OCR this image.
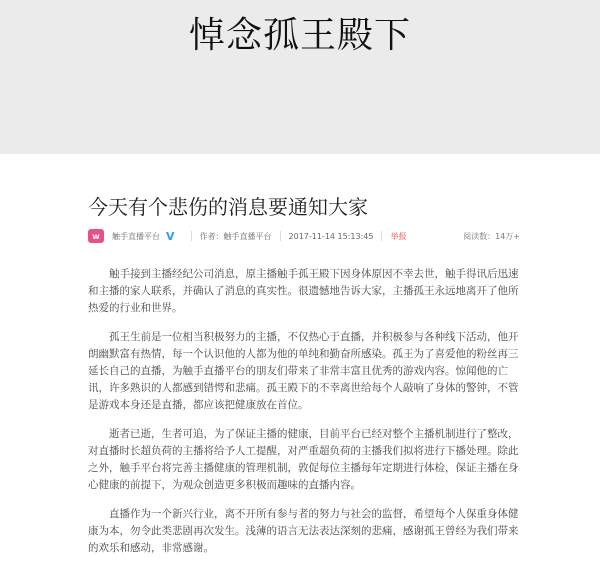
悼念孤王殿下
今天有个悲伤的消息要通知大家
w	触手直播平台 V	作者： 触手直播平台 2017-11-14 15:13:45 举报	阅读数：14万+

触手接到主播经纪公司消息，原主播触手孤王殿下因身体原因不幸去世，触手得讯后迅速和主播的家人联系，并确认了消息的真实性。很遗憾地告诉大家，主播孤王永远地离开了他所热爱的行业和世界。

孤王生前是一位相当积极努力的主播，不仅热心于直播，并积极参与各种线下活动，他开朗幽默富有热情，每一个认识他的人都为他的单纯和勤奋所感染。孤王为了喜爱他的粉丝再三延长自己的直播，为触手直播平台的朋友们带来了非常丰富且优秀的游戏内容。惊闻他的亡讯，许多熟识的人都感到错愕和悲痛。孤王殿下的不幸离世给每个人敲响了身体的警钟，不管是游戏本身还是直播，都应该把健康放在首位。

逝者已逝，生者可追，为了保证主播的健康，目前平台已经对整个主播机制进行了整改，对直播时长超负荷的主播将给予人工提醒，对严重超负荷的主播我们拟将进行下播处理。除此之外，触手平台将完善主播健康的管理机制，敦促每位主播每年定期进行体检，保证主播在身心健康的前提下，为观众创造更多积极而趣味的直播内容。

直播作为一个新兴行业，离不开所有参与者的努力与社会的监督，希望每个人保重身体健康为本，勿令此类悲剧再次发生。浅薄的语言无法表达深刻的悲痛，感谢孤王曾经为我们带来的欢乐和感动，非常感谢。
